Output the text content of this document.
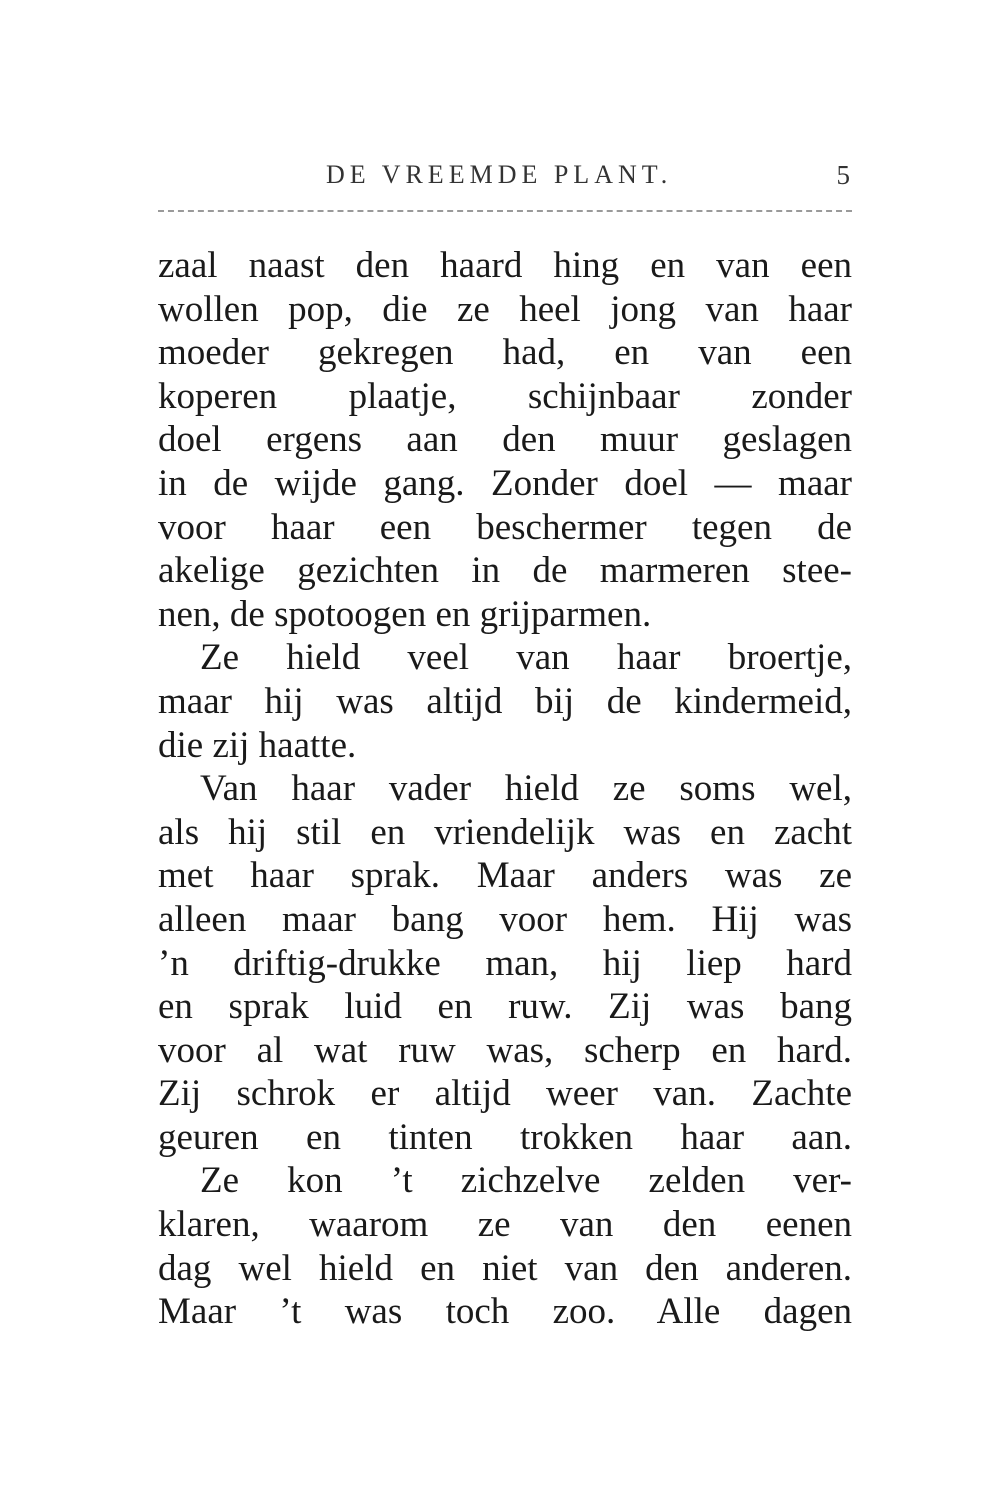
DE VREEMDE PLANT.	5
zaal naast den haard hing en van een
wollen pop, die ze heel jong van haar
moeder gekregen had, en van een
koperen plaatje, schijnbaar zonder
doel ergens aan den muur geslagen
in de wijde gang. Zonder doel — maar
voor haar een beschermer tegen de
akelige gezichten in de marmeren stee-
nen, de spotoogen en grijparmen.
Ze hield veel van haar broertje,
maar hij was altijd bij de kindermeid,
die zij haatte.
Van haar vader hield ze soms wel,
als hij stil en vriendelijk was en zacht
met haar sprak. Maar anders was ze
alleen maar bang voor hem. Hij was
’n driftig-drukke man, hij liep hard
en sprak luid en ruw. Zij was bang
voor al wat ruw was, scherp en hard.
Zij schrok er altijd weer van. Zachte
geuren en tinten trokken haar aan.
Ze kon ’t zichzelve zelden ver-
klaren, waarom ze van den eenen
dag wel hield en niet van den anderen.
Maar ’t was toch zoo. Alle dagen
